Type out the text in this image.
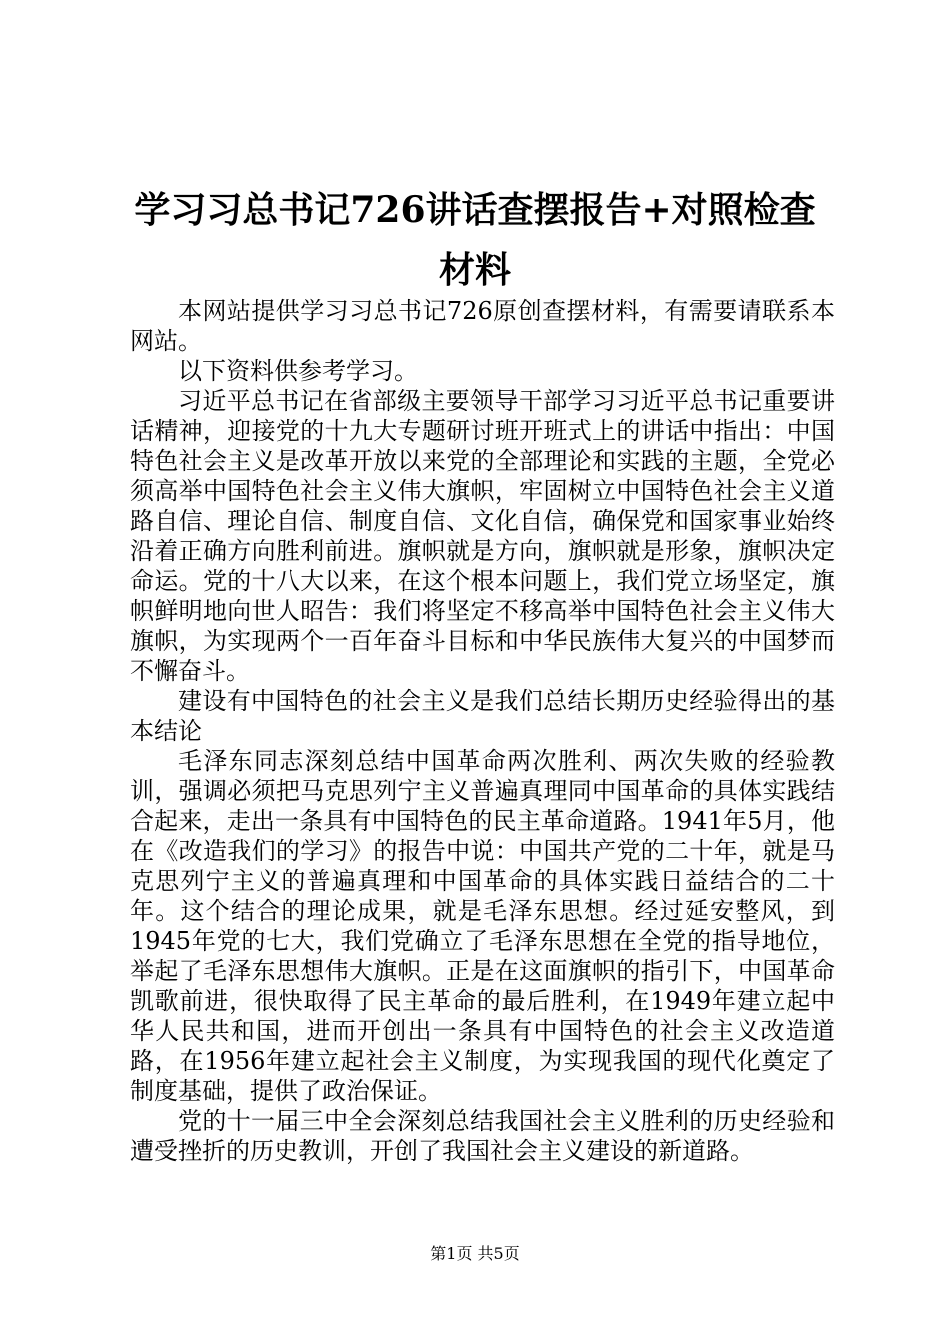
学习习总书记726讲话查摆报告+对照检查材料

本网站提供学习习总书记726原创查摆材料，有需要请联系本网站。

以下资料供参考学习。

习近平总书记在省部级主要领导干部学习习近平总书记重要讲话精神，迎接党的十九大专题研讨班开班式上的讲话中指出：中国特色社会主义是改革开放以来党的全部理论和实践的主题，全党必须高举中国特色社会主义伟大旗帜，牢固树立中国特色社会主义道路自信、理论自信、制度自信、文化自信，确保党和国家事业始终沿着正确方向胜利前进。旗帜就是方向，旗帜就是形象，旗帜决定命运。党的十八大以来，在这个根本问题上，我们党立场坚定，旗帜鲜明地向世人昭告：我们将坚定不移高举中国特色社会主义伟大旗帜，为实现两个一百年奋斗目标和中华民族伟大复兴的中国梦而不懈奋斗。

建设有中国特色的社会主义是我们总结长期历史经验得出的基本结论

毛泽东同志深刻总结中国革命两次胜利、两次失败的经验教训，强调必须把马克思列宁主义普遍真理同中国革命的具体实践结合起来，走出一条具有中国特色的民主革命道路。1941年5月，他在《改造我们的学习》的报告中说：中国共产党的二十年，就是马克思列宁主义的普遍真理和中国革命的具体实践日益结合的二十年。这个结合的理论成果，就是毛泽东思想。经过延安整风，到1945年党的七大，我们党确立了毛泽东思想在全党的指导地位，举起了毛泽东思想伟大旗帜。正是在这面旗帜的指引下，中国革命凯歌前进，很快取得了民主革命的最后胜利，在1949年建立起中华人民共和国，进而开创出一条具有中国特色的社会主义改造道路，在1956年建立起社会主义制度，为实现我国的现代化奠定了制度基础，提供了政治保证。

党的十一届三中全会深刻总结我国社会主义胜利的历史经验和遭受挫折的历史教训，开创了我国社会主义建设的新道路。

第1页 共5页
